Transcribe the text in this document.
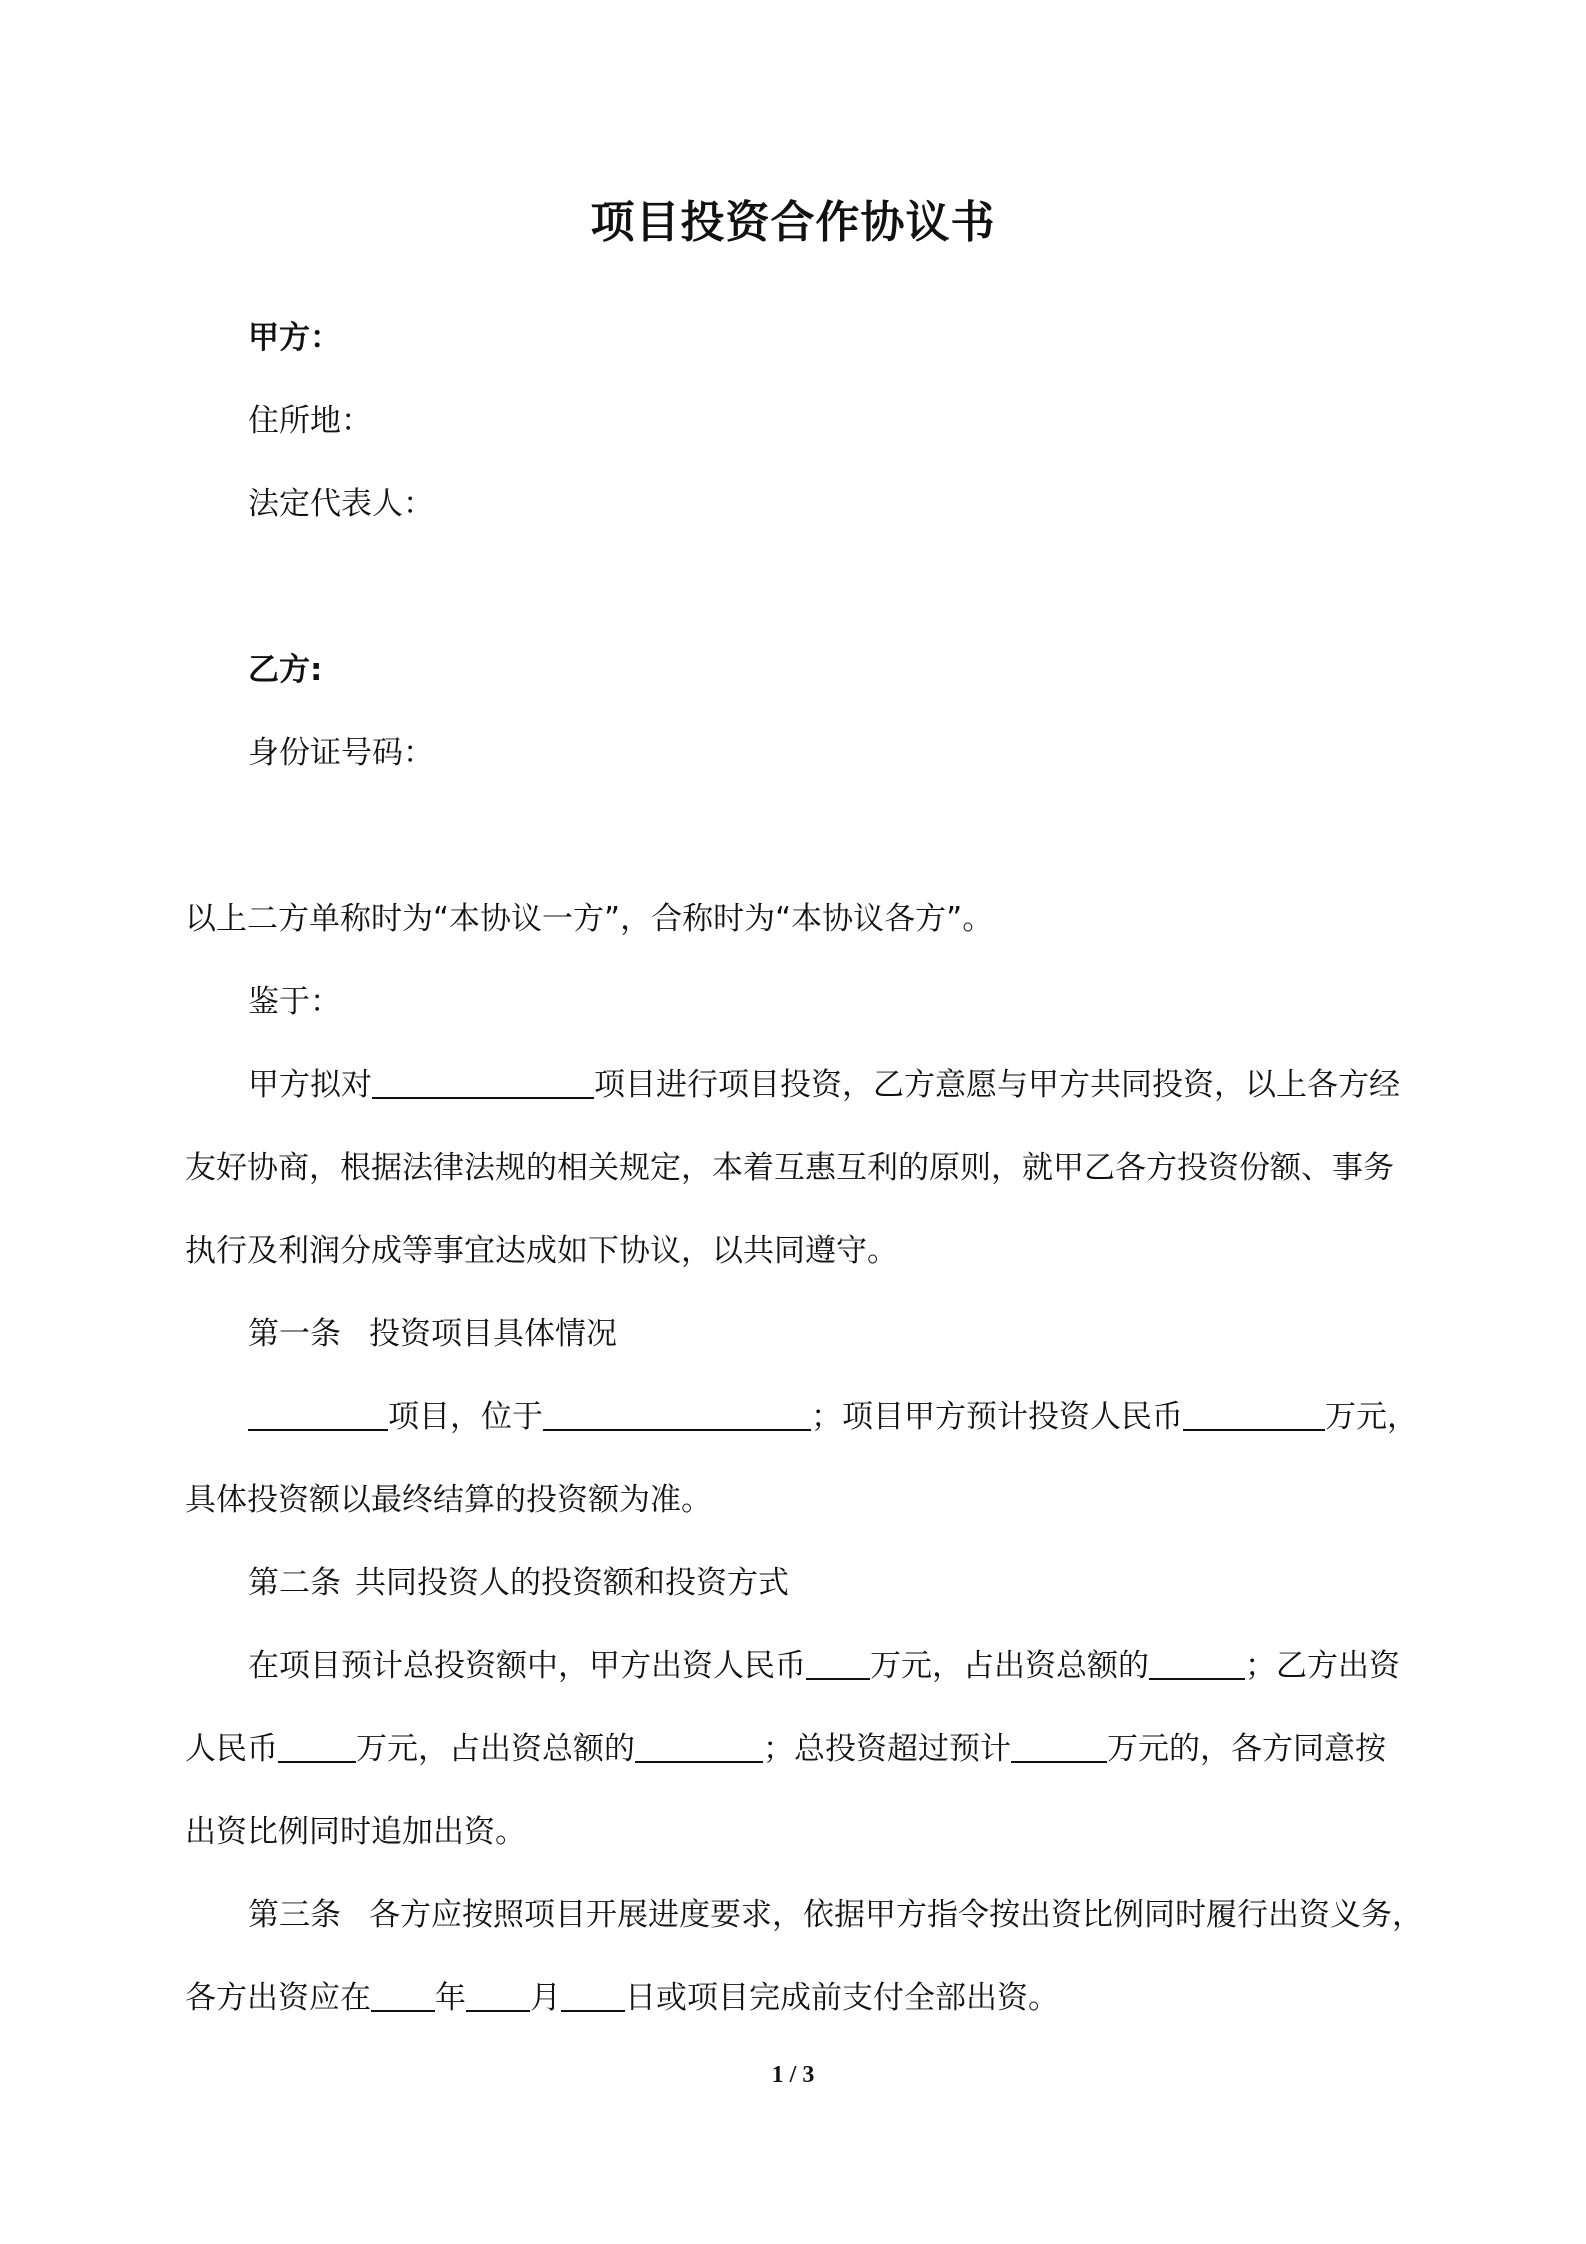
项目投资合作协议书

甲方：

住所地：

法定代表人：

乙方:

身份证号码：

以上二方单称时为“本协议一方”，合称时为“本协议各方”。

鉴于：

甲方拟对	项目进行项目投资，乙方意愿与甲方共同投资，以上各方经

友好协商，根据法律法规的相关规定，本着互惠互利的原则，就甲乙各方投资份额、事务

执行及利润分成等事宜达成如下协议，以共同遵守。

第一条 投资项目具体情况

项目，位于	；项目甲方预计投资人民币	万元，

具体投资额以最终结算的投资额为准。

第二条 共同投资人的投资额和投资方式

在项目预计总投资额中，甲方出资人民币 万元，占出资总额的	；乙方出资

人民币	万元，占出资总额的	；总投资超过预计	万元的，各方同意按

出资比例同时追加出资。

第三条 各方应按照项目开展进度要求，依据甲方指令按出资比例同时履行出资义务，

各方出资应在 年 月 日或项目完成前支付全部出资。

1 / 3
